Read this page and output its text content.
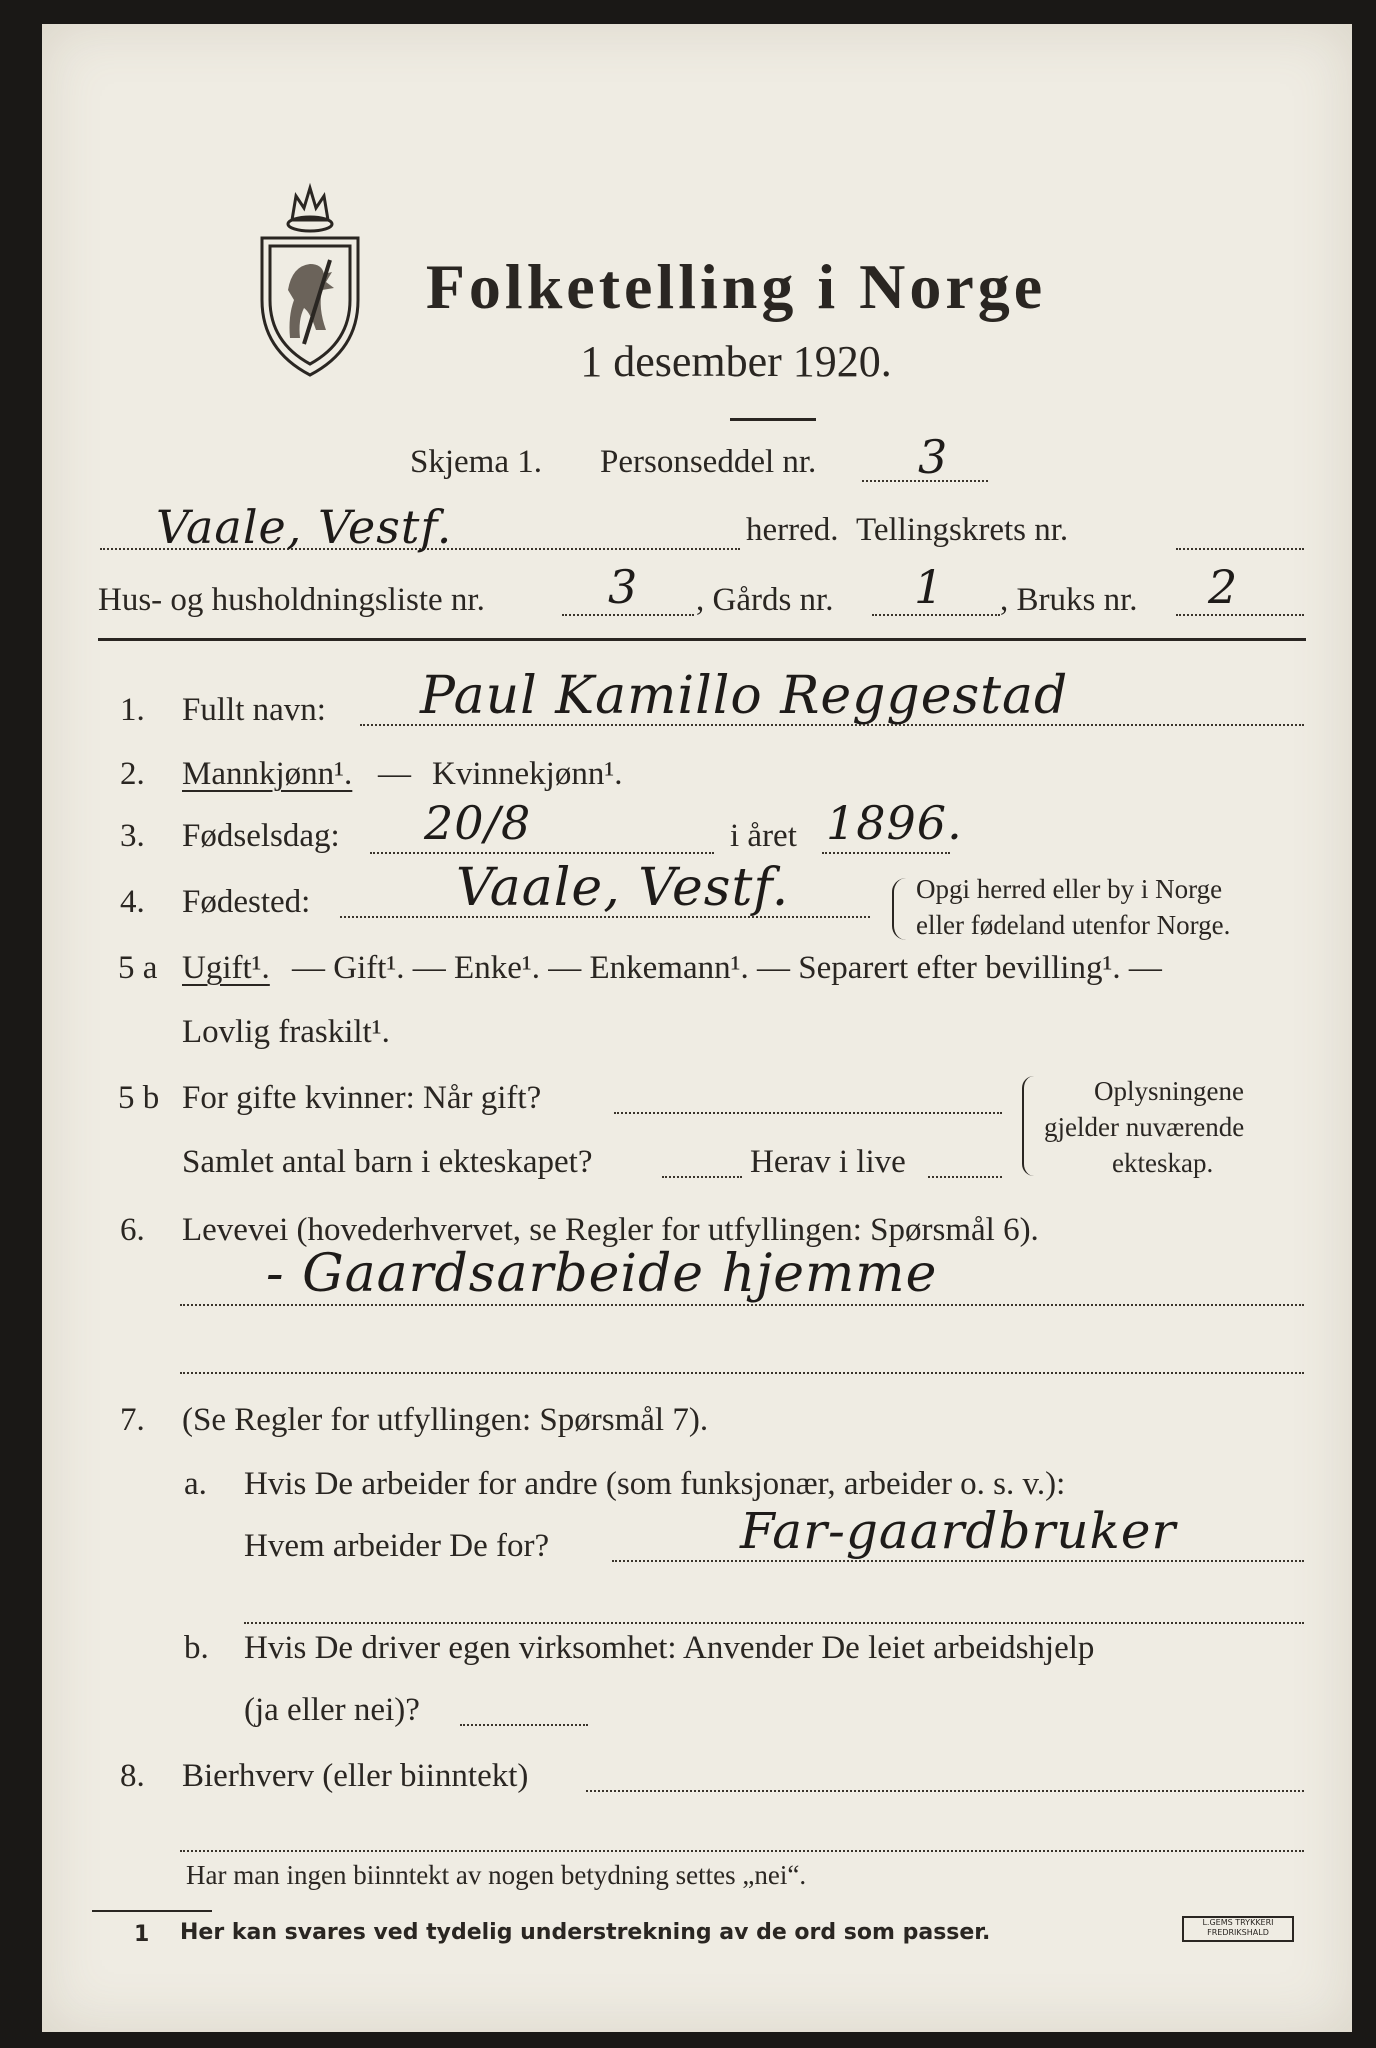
Folketelling i Norge
1 desember 1920.
Skjema 1. Personseddel nr. 3
Vaale, Vestf.	herred. Tellingskrets nr.
Hus- og husholdningsliste nr.	3 , Gårds nr. 1 , Bruks nr. 2
1. Fullt navn: Paul Kamillo Reggestad
2. Mannkjønn¹. — Kvinnekjønn¹.
3. Fødselsdag: 20/8	i året 1896.
4. Fødested:	Vaale, Vestf.	Opgi herred eller by i Norge
eller fødeland utenfor Norge.
5 a Ugift¹. — Gift¹. — Enke¹. — Enkemann¹. — Separert efter bevilling¹. —
Lovlig fraskilt¹.
5 b For gifte kvinner: Når gift?
Samlet antal barn i ekteskapet?	Herav i live
Oplysningene
gjelder nuværende
ekteskap.
6. Levevei (hovederhvervet, se Regler for utfyllingen: Spørsmål 6).
- Gaardsarbeide hjemme
7. (Se Regler for utfyllingen: Spørsmål 7).
a. Hvis De arbeider for andre (som funksjonær, arbeider o. s. v.):
Hvem arbeider De for?	Far-gaardbruker
b. Hvis De driver egen virksomhet: Anvender De leiet arbeidshjelp
(ja eller nei)?
8. Bierhverv (eller biinntekt)
Har man ingen biinntekt av nogen betydning settes „nei“.
1 Her kan svares ved tydelig understrekning av de ord som passer.	L.GEMS TRYKKERI FREDRIKSHALD
